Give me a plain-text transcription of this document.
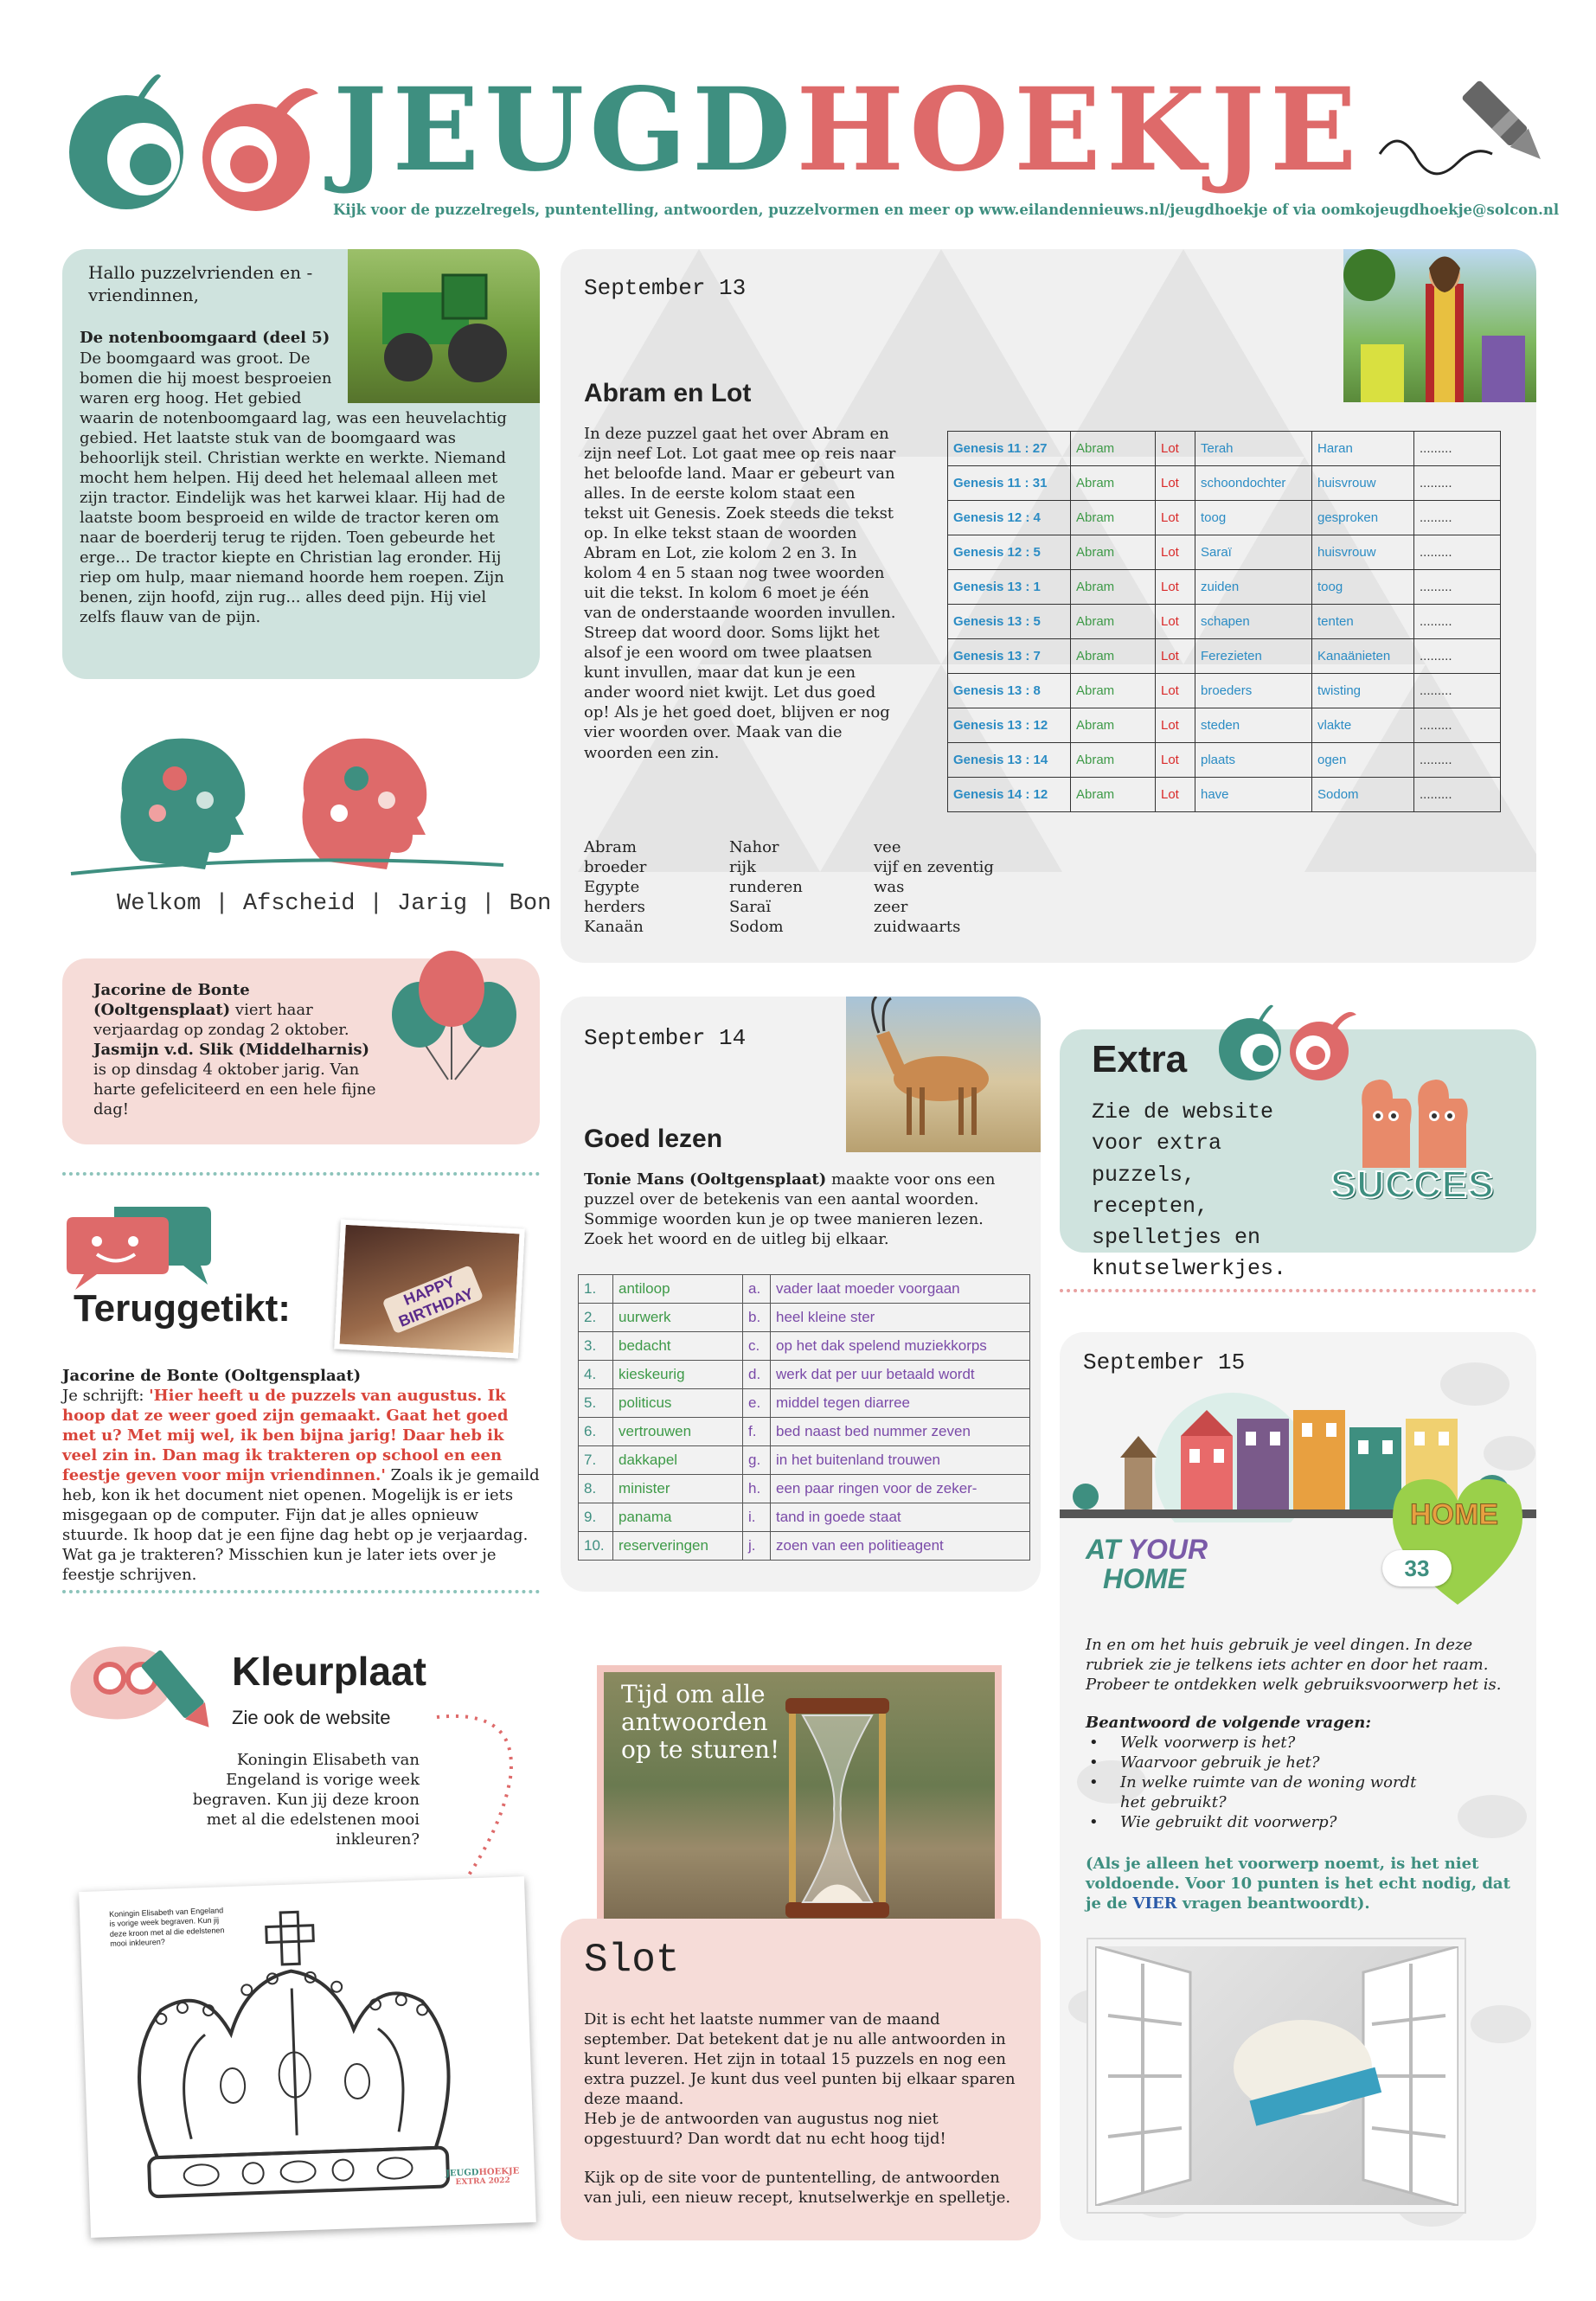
JEUGDHOEKJE
Kijk voor de puzzelregels, puntentelling, antwoorden, puzzelvormen en meer op www.eilandennieuws.nl/jeugdhoekje of via oomkojeugdhoekje@solcon.nl
Hallo puzzelvrienden en -vriendinnen,
De notenboomgaard (deel 5)
De boomgaard was groot. De bomen die hij moest besproeien waren erg hoog. Het gebied waarin de notenboomgaard lag, was een heuvelachtig gebied. Het laatste stuk van de boomgaard was behoorlijk steil. Christian werkte en werkte. Niemand mocht hem helpen. Hij deed het helemaal alleen met zijn tractor. Eindelijk was het karwei klaar. Hij had de laatste boom besproeid en wilde de tractor keren om naar de boerderij terug te rijden. Toen gebeurde het erge... De tractor kiepte en Christian lag eronder. Hij riep om hulp, maar niemand hoorde hem roepen. Zijn benen, zijn hoofd, zijn rug... alles deed pijn. Hij viel zelfs flauw van de pijn.
Welkom | Afscheid | Jarig | Bon
Jacorine de Bonte (Ooltgensplaat) viert haar verjaardag op zondag 2 oktober.
Jasmijn v.d. Slik (Middelharnis) is op dinsdag 4 oktober jarig. Van harte gefeliciteerd en een hele fijne dag!
Teruggetikt:	HAPPY BIRTHDAY
Jacorine de Bonte (Ooltgensplaat)
Je schrijft: 'Hier heeft u de puzzels van augustus. Ik hoop dat ze weer goed zijn gemaakt. Gaat het goed met u? Met mij wel, ik ben bijna jarig! Daar heb ik veel zin in. Dan mag ik trakteren op school en een feestje geven voor mijn vriendinnen.' Zoals ik je gemaild heb, kon ik het document niet openen. Mogelijk is er iets misgegaan op de computer. Fijn dat je alles opnieuw stuurde. Ik hoop dat je een fijne dag hebt op je verjaardag. Wat ga je trakteren? Misschien kun je later iets over je feestje schrijven.
Kleurplaat
Zie ook de website
Koningin Elisabeth van Engeland is vorige week begraven. Kun jij deze kroon met al die edelstenen mooi inkleuren?
Koningin Elisabeth van Engeland is vorige week begraven. Kun jij deze kroon met al die edelstenen mooi inkleuren?
JEUGDHOEKJE
EXTRA 2022
September 13
Abram en Lot
In deze puzzel gaat het over Abram en zijn neef Lot. Lot gaat mee op reis naar het beloofde land. Maar er gebeurt van alles. In de eerste kolom staat een tekst uit Genesis. Zoek steeds die tekst op. In elke tekst staan de woorden Abram en Lot, zie kolom 2 en 3. In kolom 4 en 5 staan nog twee woorden uit die tekst. In kolom 6 moet je één van de onderstaande woorden invullen. Streep dat woord door. Soms lijkt het alsof je een woord om twee plaatsen kunt invullen, maar dat kun je een ander woord niet kwijt. Let dus goed op! Als je het goed doet, blijven er nog vier woorden over. Maak van die woorden een zin.
Genesis 11 : 27	Abram	Lot	Terah	Haran	.........
Genesis 11 : 31	Abram	Lot	schoondochter	huisvrouw	.........
Genesis 12 : 4	Abram	Lot	toog	gesproken	.........
Genesis 12 : 5	Abram	Lot	Saraï	huisvrouw	.........
Genesis 13 : 1	Abram	Lot	zuiden	toog	.........
Genesis 13 : 5	Abram	Lot	schapen	tenten	.........
Genesis 13 : 7	Abram	Lot	Ferezieten	Kanaänieten	.........
Genesis 13 : 8	Abram	Lot	broeders	twisting	.........
Genesis 13 : 12	Abram	Lot	steden	vlakte	.........
Genesis 13 : 14	Abram	Lot	plaats	ogen	.........
Genesis 14 : 12	Abram	Lot	have	Sodom	.........
Abram
broeder
Egypte
herders
Kanaän
Nahor
rijk
runderen
Saraï
Sodom
vee
vijf en zeventig
was
zeer
zuidwaarts
September 14
Goed lezen
Tonie Mans (Ooltgensplaat) maakte voor ons een puzzel over de betekenis van een aantal woorden. Sommige woorden kun je op twee manieren lezen. Zoek het woord en de uitleg bij elkaar.
1.	antiloop	a.	vader laat moeder voorgaan
2.	uurwerk	b.	heel kleine ster
3.	bedacht	c.	op het dak spelend muziekkorps
4.	kieskeurig	d.	werk dat per uur betaald wordt
5.	politicus	e.	middel tegen diarree
6.	vertrouwen	f.	bed naast bed nummer zeven
7.	dakkapel	g.	in het buitenland trouwen
8.	minister	h.	een paar ringen voor de zeker-
9.	panama	i.	tand in goede staat
10.	reserveringen	j.	zoen van een politieagent
Extra
Zie de website voor extra puzzels, recepten, spelletjes en knutselwerkjes.
SUCCES
September 15
HOME
33
AT YOUR
HOME
In en om het huis gebruik je veel dingen. In deze rubriek zie je telkens iets achter en door het raam. Probeer te ontdekken welk gebruiksvoorwerp het is.
Beantwoord de volgende vragen:
• Welk voorwerp is het?
• Waarvoor gebruik je het?
• In welke ruimte van de woning wordt het gebruikt?
• Wie gebruikt dit voorwerp?
(Als je alleen het voorwerp noemt, is het niet voldoende. Voor 10 punten is het echt nodig, dat je de VIER vragen beantwoordt).
Tijd om alle antwoorden op te sturen!
Slot
Dit is echt het laatste nummer van de maand september. Dat betekent dat je nu alle antwoorden in kunt leveren. Het zijn in totaal 15 puzzels en nog een extra puzzel. Je kunt dus veel punten bij elkaar sparen deze maand.
Heb je de antwoorden van augustus nog niet opgestuurd? Dan wordt dat nu echt hoog tijd!
Kijk op de site voor de puntentelling, de antwoorden van juli, een nieuw recept, knutselwerkje en spelletje.
